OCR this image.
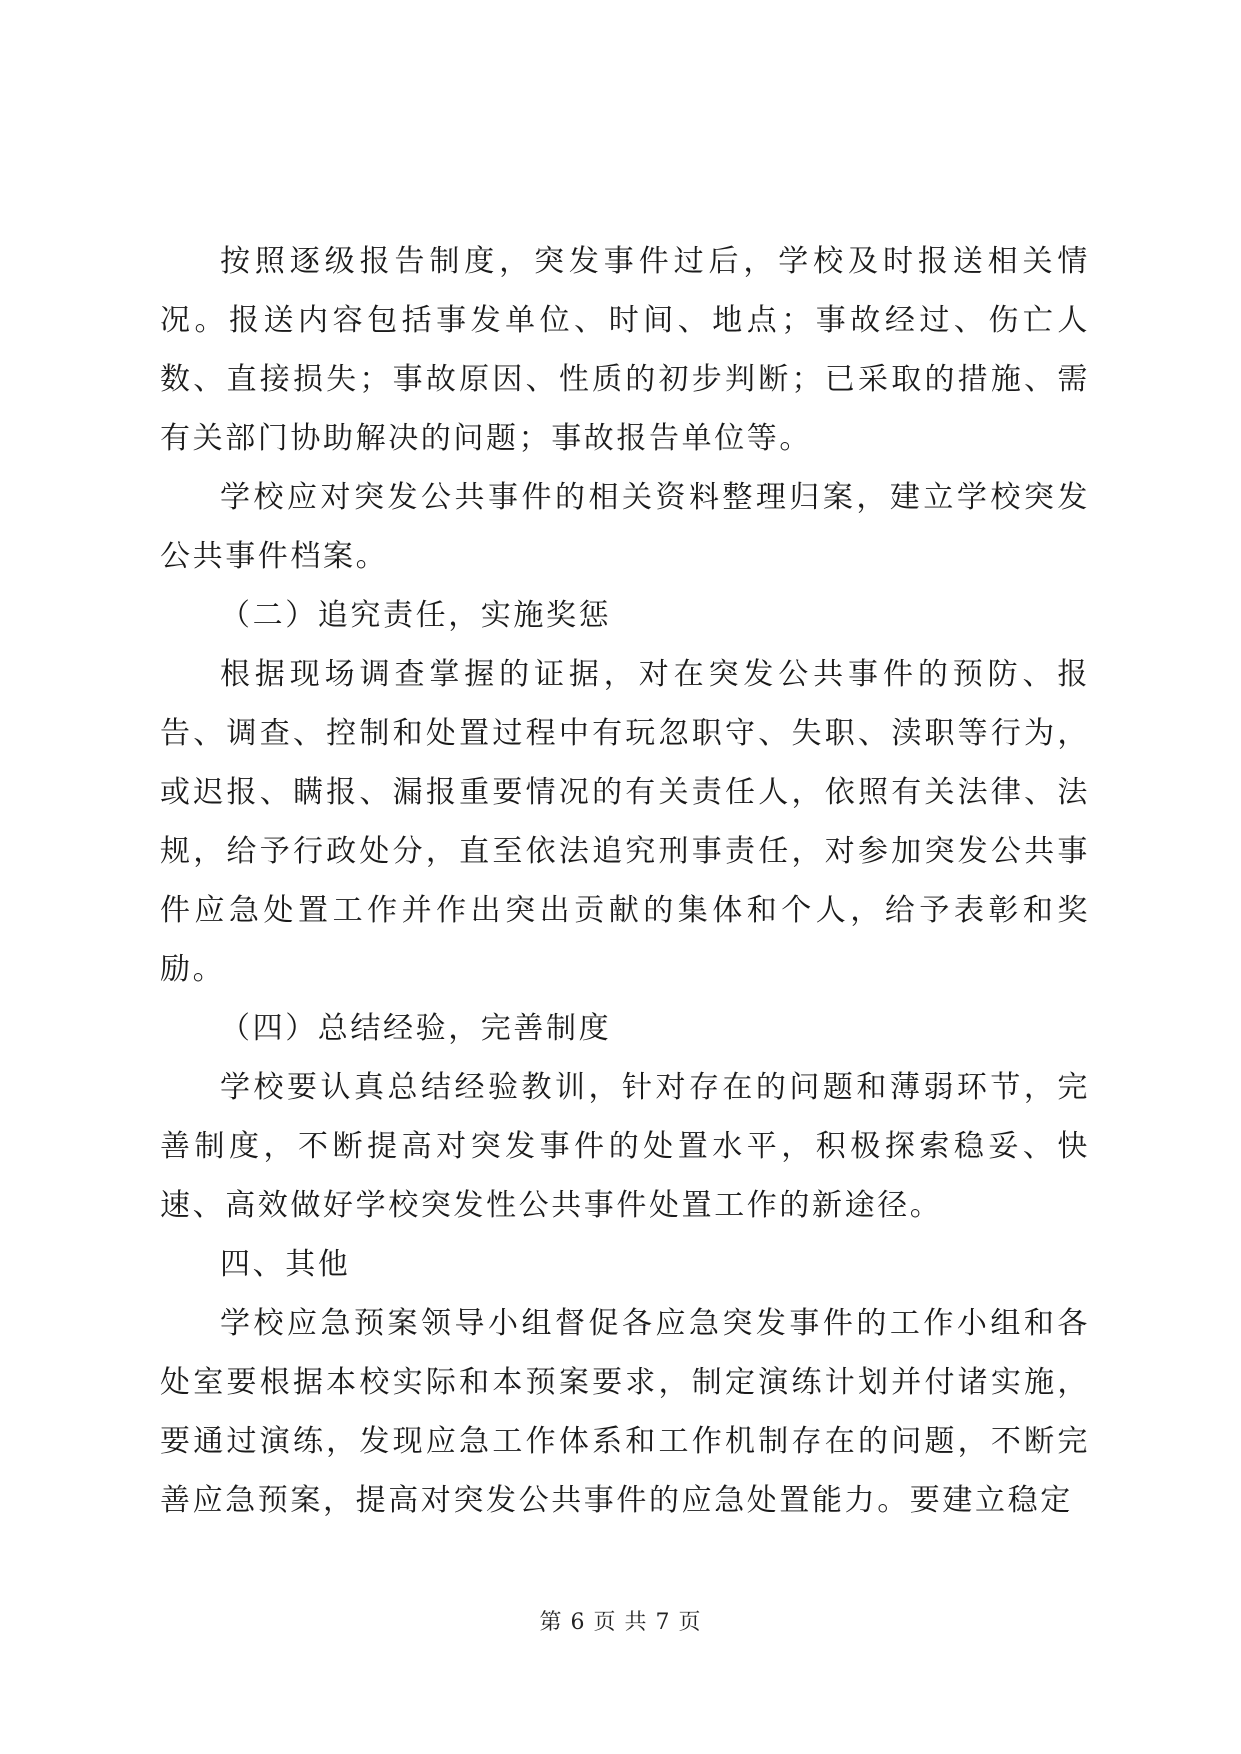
按照逐级报告制度，突发事件过后，学校及时报送相关情况。报送内容包括事发单位、时间、地点；事故经过、伤亡人数、直接损失；事故原因、性质的初步判断；已采取的措施、需有关部门协助解决的问题；事故报告单位等。

学校应对突发公共事件的相关资料整理归案，建立学校突发公共事件档案。

（二）追究责任，实施奖惩

根据现场调查掌握的证据，对在突发公共事件的预防、报告、调查、控制和处置过程中有玩忽职守、失职、渎职等行为，或迟报、瞒报、漏报重要情况的有关责任人，依照有关法律、法规，给予行政处分，直至依法追究刑事责任，对参加突发公共事件应急处置工作并作出突出贡献的集体和个人，给予表彰和奖励。

（四）总结经验，完善制度

学校要认真总结经验教训，针对存在的问题和薄弱环节，完善制度，不断提高对突发事件的处置水平，积极探索稳妥、快速、高效做好学校突发性公共事件处置工作的新途径。

四、其他

学校应急预案领导小组督促各应急突发事件的工作小组和各处室要根据本校实际和本预案要求，制定演练计划并付诸实施，要通过演练，发现应急工作体系和工作机制存在的问题，不断完善应急预案，提高对突发公共事件的应急处置能力。要建立稳定

第 6 页 共 7 页
